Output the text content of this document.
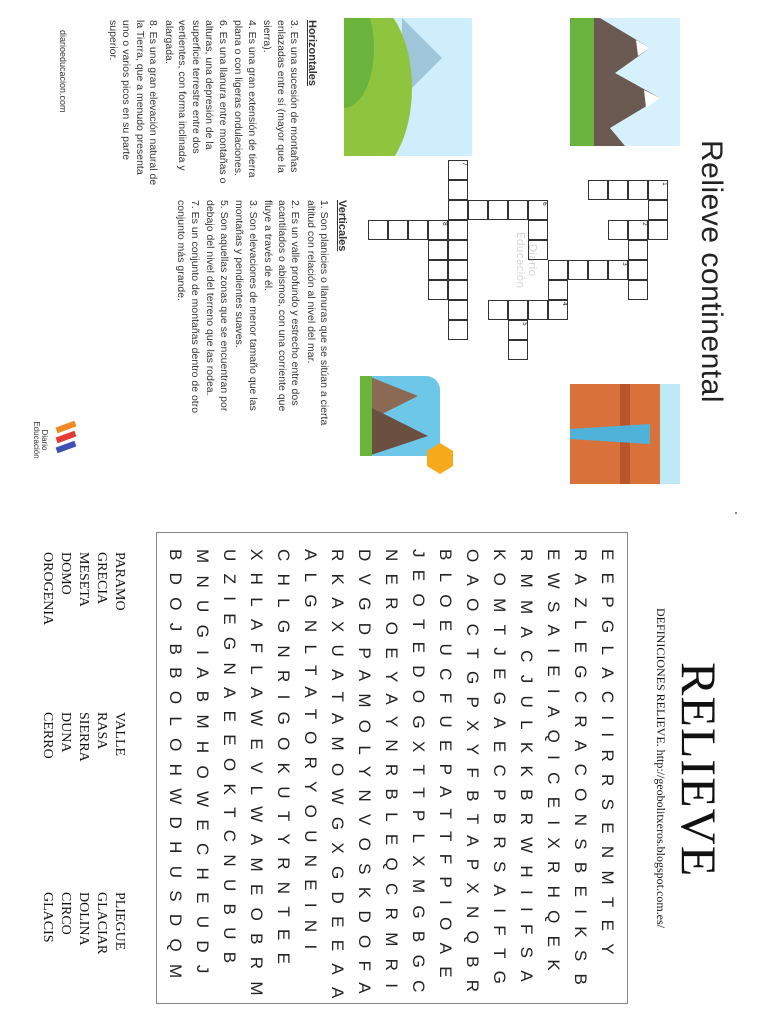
Relieve continental
1
2
3
4
5
6
7
8
Diario
Educación
Verticales

1. Son planicies o llanuras que se sitúan a cierta altitud con relación al nivel del mar.

2. Es un valle profundo y estrecho entre dos acantilados o abismos, con una corriente que fluye a través de él.

3. Son elevaciones de menor tamaño que las montañas y pendientes suaves.

5. Son aquellas zonas que se encuentran por debajo del nivel del terreno que las rodea.

7. Es un conjunto de montañas dentro de otro conjunto más grande.

Horizontales

3. Es una sucesión de montañas enlazadas entre sí (mayor que la sierra).

4. Es una gran extensión de tierra plana o con ligeras ondulaciones.

6. Es una llanura entre montañas o alturas, una depresión de la superficie terrestre entre dos vertientes, con forma inclinada y alargada.

8. Es una gran elevación natural de la Tierra, que a menudo presenta uno o varios picos en su parte superior.

diarioeducacion.com
Diario
Educación
RELIEVE
DEFINICIONES RELIEVE. http://geobolitxeros.blogspot.com.es/
EEPGLACIIRRSENMTEY
RAZLEGCRACONSBEIKSB
EWSAIEIAQICEIXRHQEK
RMMACJULKKBRWHIIFSA
KOMTJEGAECPBRSAIFTG
OAOCTGPXYFBTAPXNQBR
BLOEUCFUEPATTFPIOAE
JEOTEDOGXTTPLXMGBGC
NEROEYAYNRBLEQCRMRI
DVGDPAMOLYNVOSKDOFA
RKAXUATAMOWGXGDEEAA
ALGNLTATORYOUNEINI
CHLGNRIGOKUTYRNTEE
XHLAFLAWEVLWAMEOBRM
UZIEGNAEEOKTCNUBUB
MNUGIABMHOWECHEUDJ
BDOJBBOLOHWDHUSDQM
PARAMO
GRECIA
MESETA
DOMO
OROGENIA
VALLE
RASA
SIERRA
DUNA
CERRO
PLIEGUE
GLACIAR
DOLINA
CIRCO
GLACIS
